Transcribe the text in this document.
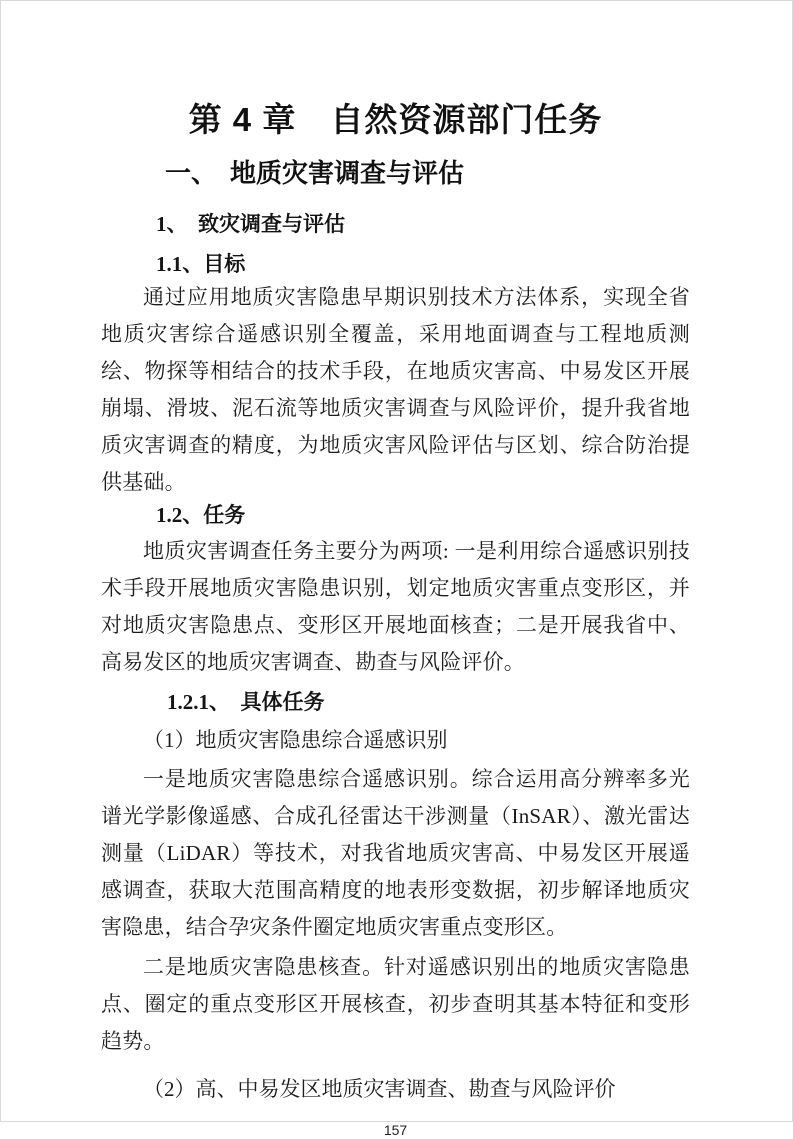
第 4 章　自然资源部门任务
一、　地质灾害调查与评估
1、　致灾调查与评估
1.1、目标

通过应用地质灾害隐患早期识别技术方法体系，实现全省地质灾害综合遥感识别全覆盖，采用地面调查与工程地质测绘、物探等相结合的技术手段，在地质灾害高、中易发区开展崩塌、滑坡、泥石流等地质灾害调查与风险评价，提升我省地质灾害调查的精度，为地质灾害风险评估与区划、综合防治提供基础。

1.2、任务

地质灾害调查任务主要分为两项: 一是利用综合遥感识别技术手段开展地质灾害隐患识别，划定地质灾害重点变形区，并对地质灾害隐患点、变形区开展地面核查；二是开展我省中、高易发区的地质灾害调查、勘查与风险评价。

1.2.1、　具体任务

（1）地质灾害隐患综合遥感识别

一是地质灾害隐患综合遥感识别。综合运用高分辨率多光谱光学影像遥感、合成孔径雷达干涉测量（InSAR）、激光雷达测量（LiDAR）等技术，对我省地质灾害高、中易发区开展遥感调查，获取大范围高精度的地表形变数据，初步解译地质灾害隐患，结合孕灾条件圈定地质灾害重点变形区。

二是地质灾害隐患核查。针对遥感识别出的地质灾害隐患点、圈定的重点变形区开展核查，初步查明其基本特征和变形趋势。

（2）高、中易发区地质灾害调查、勘查与风险评价

157
